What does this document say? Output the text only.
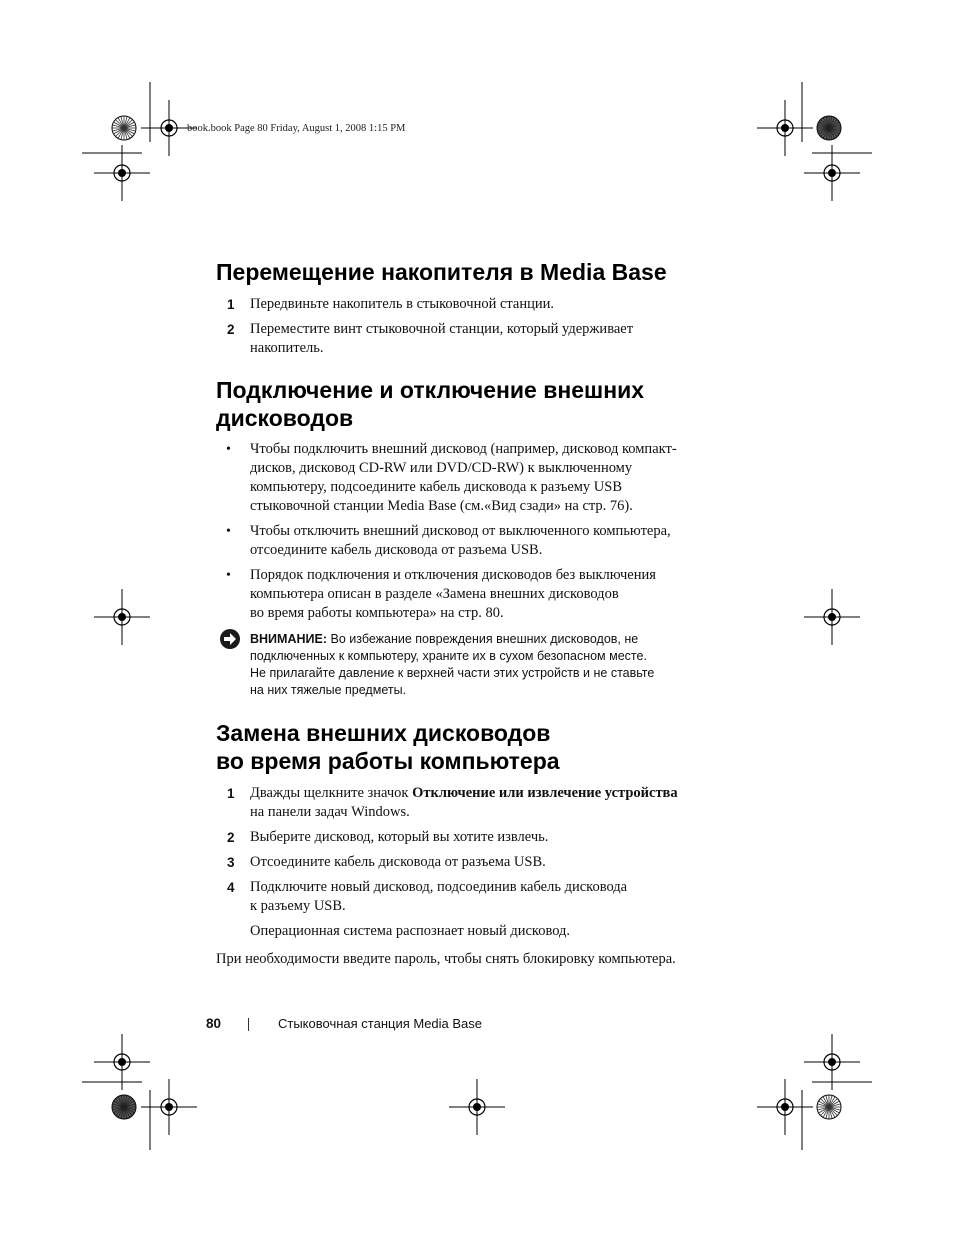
book.book Page 80 Friday, August 1, 2008 1:15 PM
Перемещение накопителя в Media Base
1 Передвиньте накопитель в стыковочной станции.
2 Переместите винт стыковочной станции, который удерживает
накопитель.
Подключение и отключение внешних
дисководов
• Чтобы подключить внешний дисковод (например, дисковод компакт-
дисков, дисковод CD-RW или DVD/CD-RW) к выключенному
компьютеру, подсоедините кабель дисковода к разъему USB
стыковочной станции Media Base (см.«Вид сзади» на стр. 76).
• Чтобы отключить внешний дисковод от выключенного компьютера,
отсоедините кабель дисковода от разъема USB.
• Порядок подключения и отключения дисководов без выключения
компьютера описан в разделе «Замена внешних дисководов
во время работы компьютера» на стр. 80.
ВНИМАНИЕ: Во избежание повреждения внешних дисководов, не
подключенных к компьютеру, храните их в сухом безопасном месте.
Не прилагайте давление к верхней части этих устройств и не ставьте
на них тяжелые предметы.
Замена внешних дисководов
во время работы компьютера
1 Дважды щелкните значок Отключение или извлечение устройства
на панели задач Windows.
2 Выберите дисковод, который вы хотите извлечь.
3 Отсоедините кабель дисковода от разъема USB.
4 Подключите новый дисковод, подсоединив кабель дисковода
к разъему USB.
Операционная система распознает новый дисковод.
При необходимости введите пароль, чтобы снять блокировку компьютера.
80	Стыковочная станция Media Base
